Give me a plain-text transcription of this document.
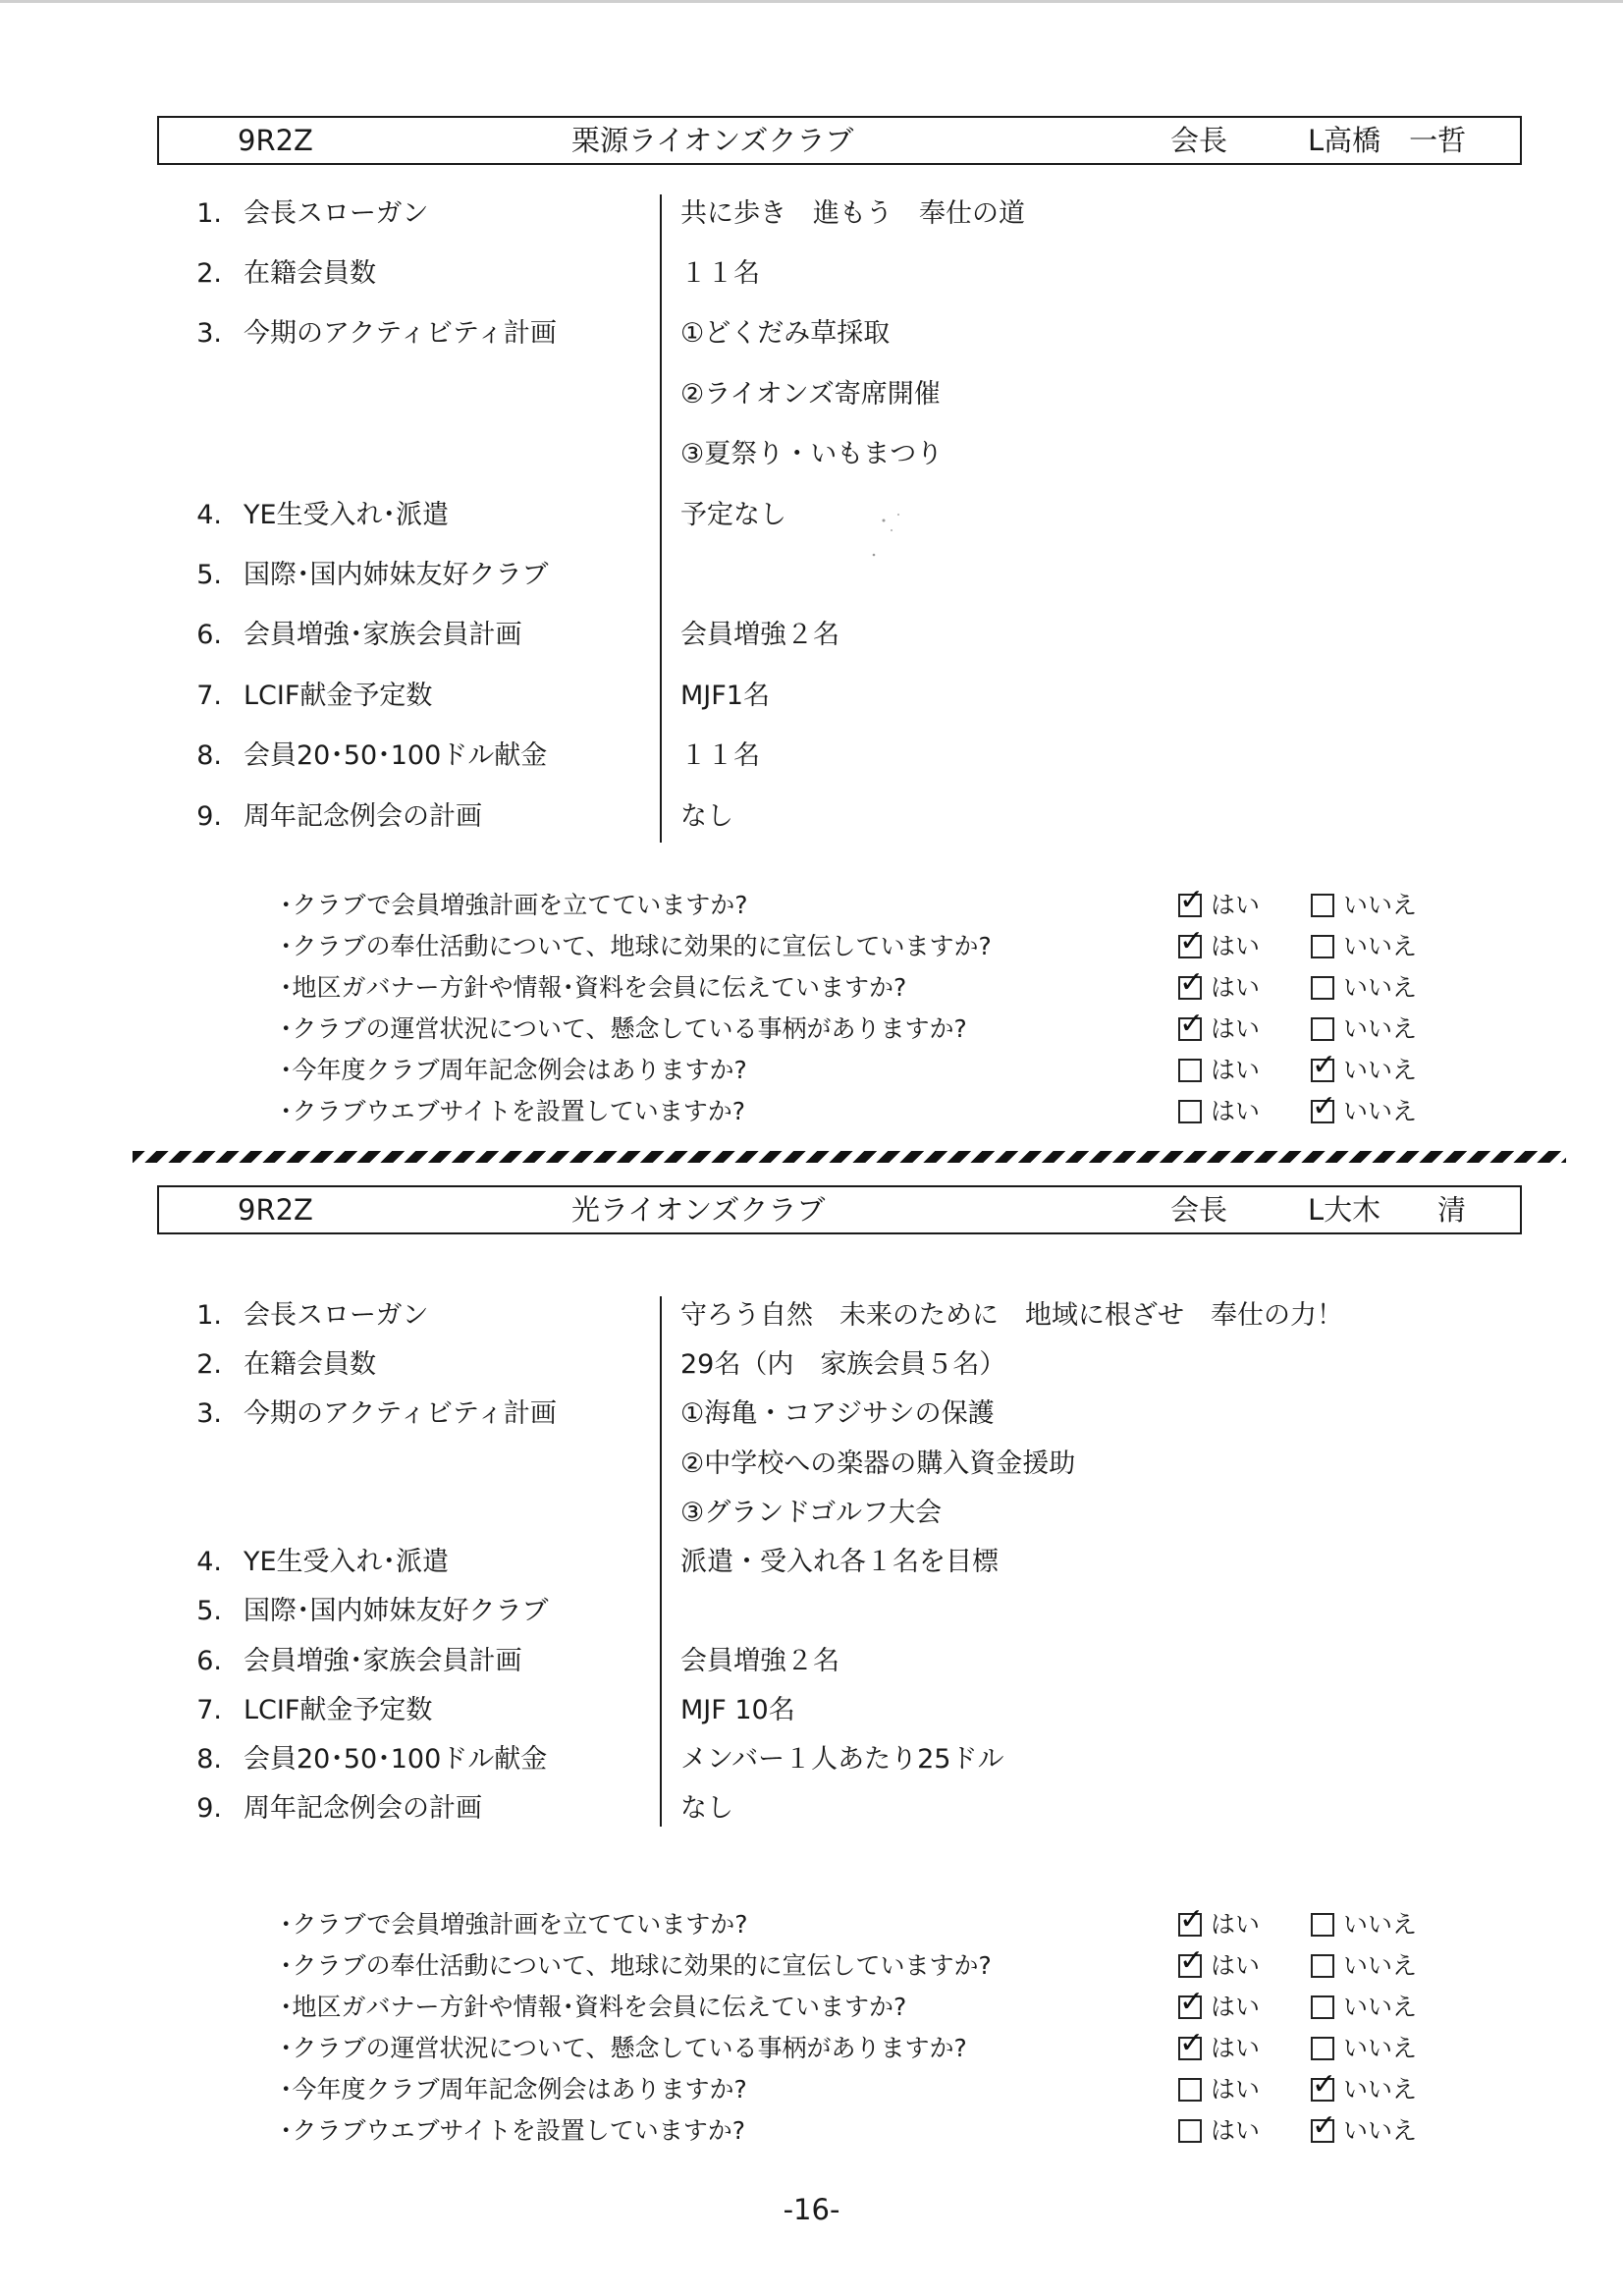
9R2Z	栗源ライオンズクラブ	会長	L高橋　一哲
1. 会長スローガン	共に歩き　進もう　奉仕の道
2. 在籍会員数	１１名
3. 今期のアクティビティ計画	①どくだみ草採取
②ライオンズ寄席開催
③夏祭り・いもまつり
4. YE生受入れ･派遣	予定なし
5. 国際･国内姉妹友好クラブ
6. 会員増強･家族会員計画	会員増強２名
7. LCIF献金予定数	MJF1名
8. 会員20･50･100ドル献金	１１名
9. 周年記念例会の計画	なし
･クラブで会員増強計画を立てていますか?	✓ はい	いいえ
･クラブの奉仕活動について、地球に効果的に宣伝していますか?	✓ はい	いいえ
･地区ガバナー方針や情報･資料を会員に伝えていますか?	✓ はい	いいえ
･クラブの運営状況について、懸念している事柄がありますか?	✓ はい	いいえ
･今年度クラブ周年記念例会はありますか?	はい ✓ いいえ
･クラブウエブサイトを設置していますか?	はい ✓ いいえ
9R2Z	光ライオンズクラブ	会長	L大木　　清
1. 会長スローガン	守ろう自然　未来のために　地域に根ざせ　奉仕の力！
2. 在籍会員数	29名（内　家族会員５名）
3. 今期のアクティビティ計画	①海亀・コアジサシの保護
②中学校への楽器の購入資金援助
③グランドゴルフ大会
4. YE生受入れ･派遣	派遣・受入れ各１名を目標
5. 国際･国内姉妹友好クラブ
6. 会員増強･家族会員計画	会員増強２名
7. LCIF献金予定数	MJF 10名
8. 会員20･50･100ドル献金	メンバー１人あたり25ドル
9. 周年記念例会の計画	なし
･クラブで会員増強計画を立てていますか?	✓ はい	いいえ
･クラブの奉仕活動について、地球に効果的に宣伝していますか?	✓ はい	いいえ
･地区ガバナー方針や情報･資料を会員に伝えていますか?	✓ はい	いいえ
･クラブの運営状況について、懸念している事柄がありますか?	✓ はい	いいえ
･今年度クラブ周年記念例会はありますか?	はい ✓ いいえ
･クラブウエブサイトを設置していますか?	はい ✓ いいえ
-16-
